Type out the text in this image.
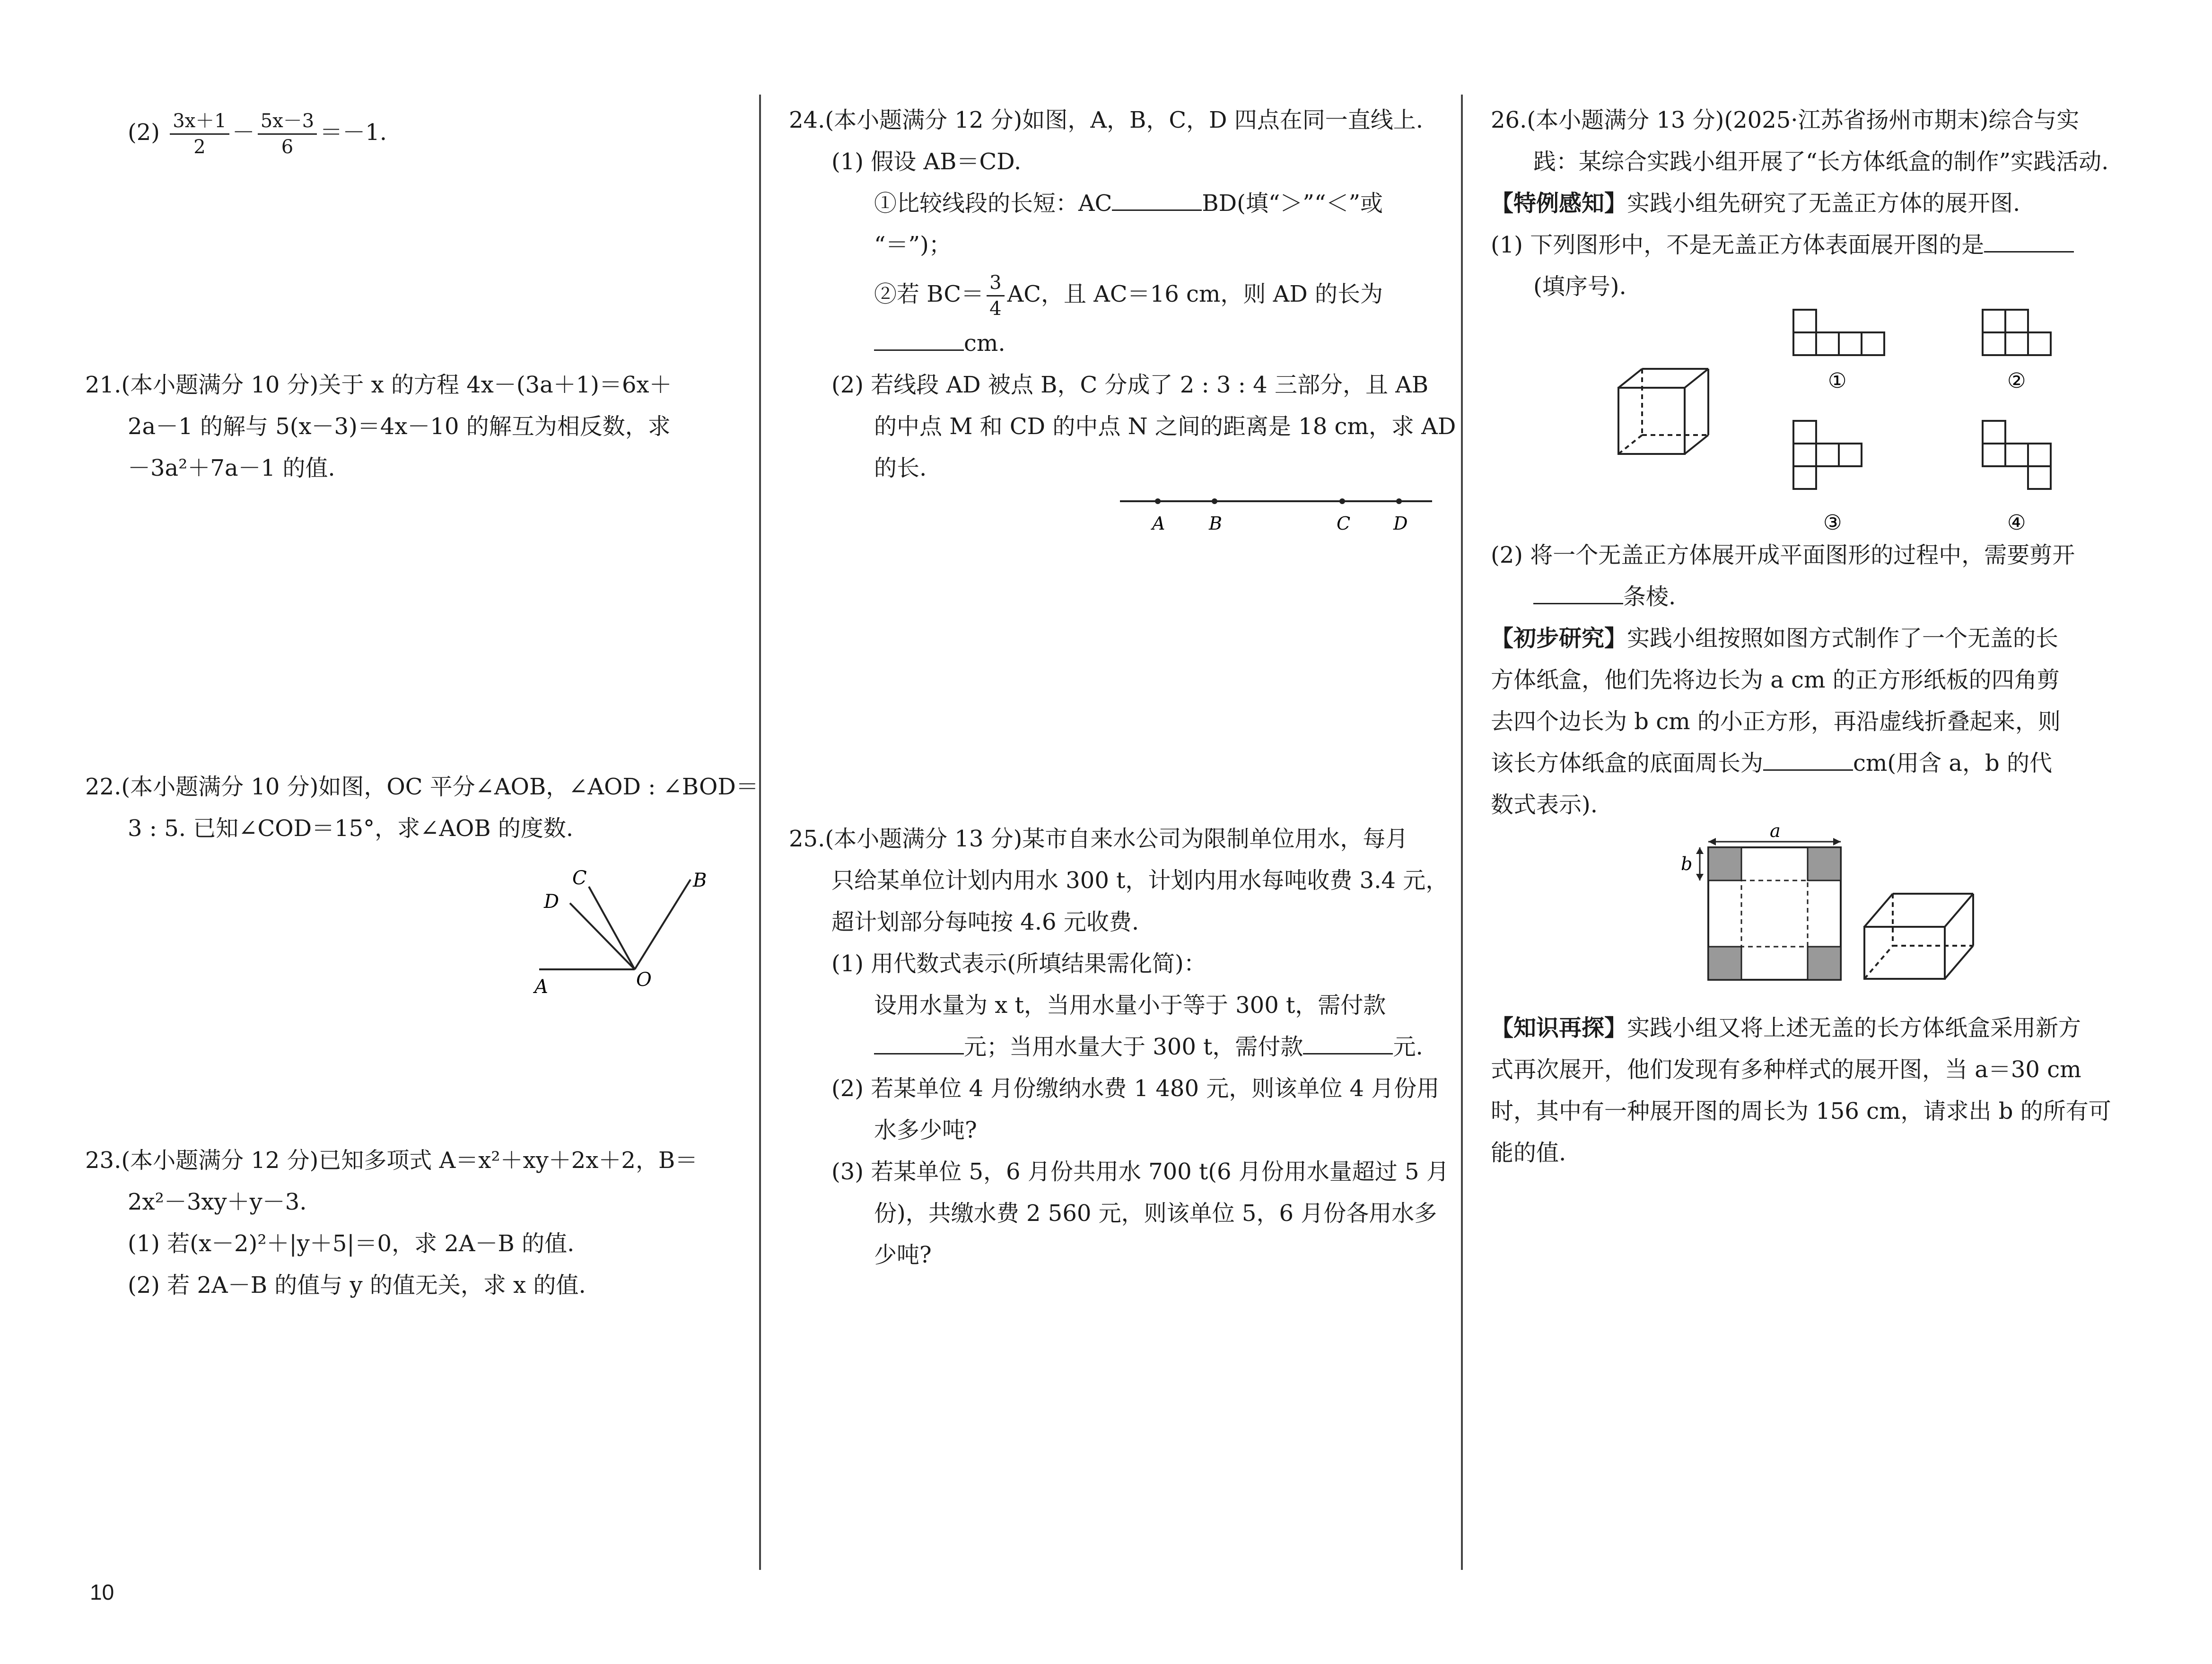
$(2) \frac{3x+1}{2} - \frac{5x-3}{6} =-1$.
21.(本小题满分 10 分)关于 x 的方程 4x－(3a＋1)＝6x＋
2a－1 的解与 5(x－3)＝4x－10 的解互为相反数，求
－3a²＋7a－1 的值.
22.(本小题满分 10 分)如图，OC 平分∠AOB，∠AOD : ∠BOD＝
3 : 5. 已知∠COD＝15°，求∠AOB 的度数.
A	O
B
C
D
23.(本小题满分 12 分)已知多项式 A＝x²＋xy＋2x＋2，B＝
2x²－3xy＋y－3.
(1) 若(x－2)²＋|y＋5|＝0，求 2A－B 的值.
(2) 若 2A－B 的值与 y 的值无关，求 x 的值.
24.(本小题满分 12 分)如图，A，B，C，D 四点在同一直线上.
(1) 假设 AB＝CD.
①比较线段的长短：AC	BD(填“＞”“＜”或
“＝”)；
②若 $BC= \frac{3}{4}$ AC，且 AC＝16 cm，则 AD 的长为
cm.
(2) 若线段 AD 被点 B，C 分成了 2 : 3 : 4 三部分，且 AB
的中点 M 和 CD 的中点 N 之间的距离是 18 cm，求 AD
的长.
A B	C D
25.(本小题满分 13 分)某市自来水公司为限制单位用水，每月
只给某单位计划内用水 300 t，计划内用水每吨收费 3.4 元，
超计划部分每吨按 4.6 元收费.
(1) 用代数式表示(所填结果需化简)：
设用水量为 x t，当用水量小于等于 300 t，需付款
元；当用水量大于 300 t，需付款	元.
(2) 若某单位 4 月份缴纳水费 1 480 元，则该单位 4 月份用
水多少吨?
(3) 若某单位 5，6 月份共用水 700 t(6 月份用水量超过 5 月
份)，共缴水费 2 560 元，则该单位 5，6 月份各用水多
少吨?
26.(本小题满分 13 分)(2025·江苏省扬州市期末)综合与实
践：某综合实践小组开展了“长方体纸盒的制作”实践活动.
【特例感知】实践小组先研究了无盖正方体的展开图.
(1) 下列图形中，不是无盖正方体表面展开图的是
(填序号).
①	②
③	④
(2) 将一个无盖正方体展开成平面图形的过程中，需要剪开
条棱.
【初步研究】实践小组按照如图方式制作了一个无盖的长
方体纸盒，他们先将边长为 a cm 的正方形纸板的四角剪
去四个边长为 b cm 的小正方形，再沿虚线折叠起来，则
该长方体纸盒的底面周长为	cm(用含 a，b 的代
数式表示).
a
b
【知识再探】实践小组又将上述无盖的长方体纸盒采用新方
式再次展开，他们发现有多种样式的展开图，当 a＝30 cm
时，其中有一种展开图的周长为 156 cm，请求出 b 的所有可
能的值.
10
